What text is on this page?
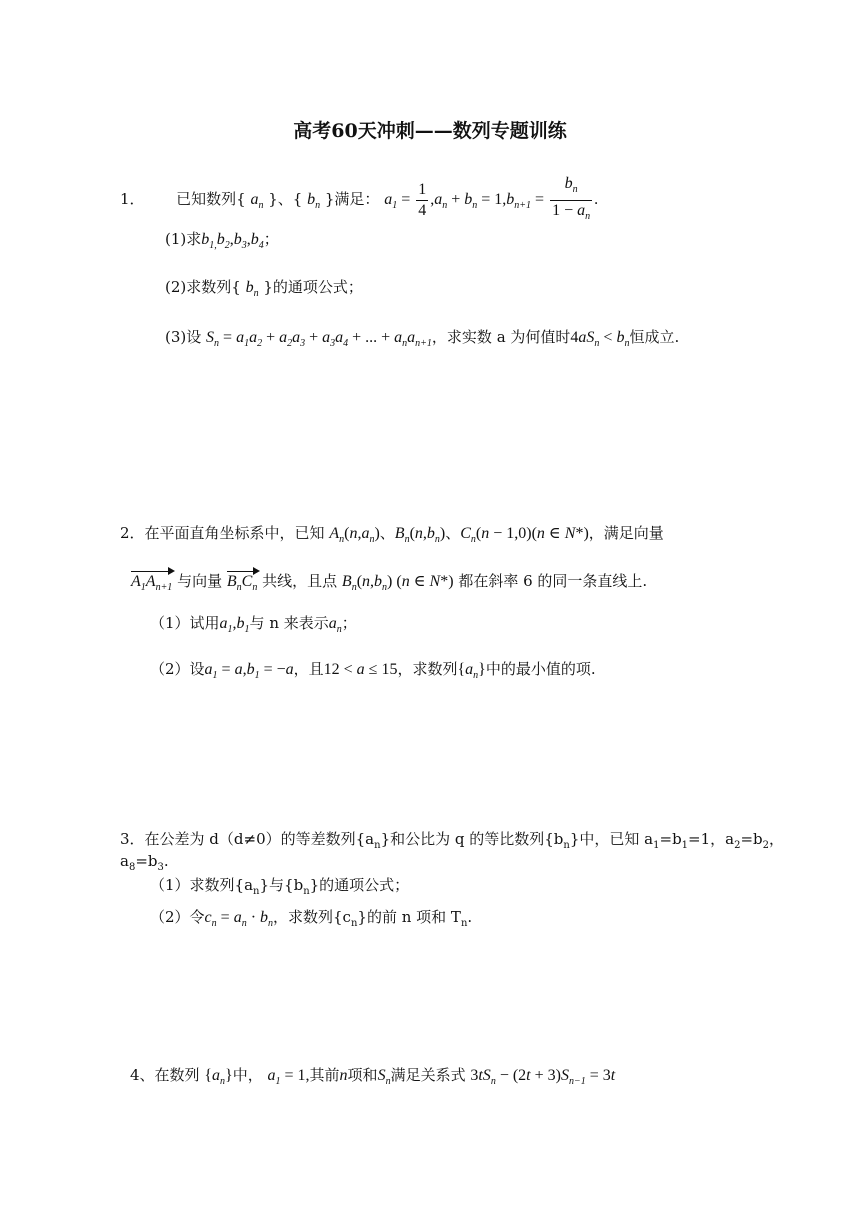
高考60天冲刺——数列专题训练
1． 已知数列{ $a_n$ }、{ $b_n$ }满足： $a_1 = \frac{1}{4} ,a_n + b_n = 1,b_{n+1} = \frac{b_n}{1 - a_n}$ .
(1)求$b_{1,}b_2,b_3,b_4$；
(2)求数列{ $b_n$ }的通项公式；
(3)设 $S_n = a_1a_2 + a_2a_3 + a_3a_4$ + ... + $a_na_{n+1}$，求实数 a 为何值时$4aS_n < b_n$恒成立.
2．在平面直角坐标系中，已知 $A_n(n,a_n)$、$B_n(n,b_n)$、$C_n(n - 1,0)(n$ ∈ N*)，满足向量
$A_1A_{n+1}$ 与向量 $B_nC_n$ 共线，且点 $B_n(n,b_n)$ (n ∈ N*) 都在斜率 6 的同一条直线上.
（1）试用$a_1,b_1$与 n 来表示$a_n$；
（2）设$a_1 = a,b_1 = -a$，且12 < a ≤ 15，求数列$\{a_n\}$中的最小值的项.
3．在公差为 d（d≠0）的等差数列$\{a_n\}$和公比为 q 的等比数列$\{b_n\}$中，已知 $a_1=b_1=1$，$a_2=b_2$，
$a_8=b_3$.
（1）求数列$\{a_n\}$与$\{b_n\}$的通项公式；
（2）令$c_n = a_n \cdot b_n$，求数列$\{c_n\}$的前 n 项和 $T_n$.
4、在数列 $\{a_n\}$中， $a_1 = 1$,其前n项和$S_n$满足关系式 $3tS_n - (2t + 3)S_{n-1} = 3t$
